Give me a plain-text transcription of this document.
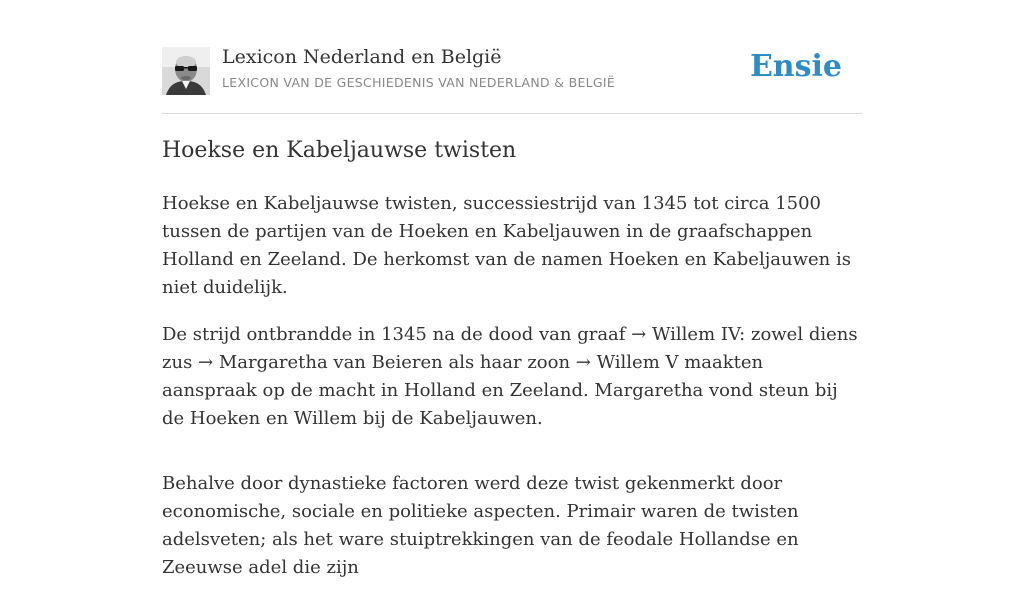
Lexicon Nederland en België
LEXICON VAN DE GESCHIEDENIS VAN NEDERLAND & BELGIË	Ensie
Hoekse en Kabeljauwse twisten

Hoekse en Kabeljauwse twisten, successiestrijd van 1345 tot circa 1500 tussen de partijen van de Hoeken en Kabeljauwen in de graafschappen Holland en Zeeland. De herkomst van de namen Hoeken en Kabeljauwen is niet duidelijk.

De strijd ontbrandde in 1345 na de dood van graaf → Willem IV: zowel diens zus → Margaretha van Beieren als haar zoon → Willem V maakten aanspraak op de macht in Holland en Zeeland. Margaretha vond steun bij de Hoeken en Willem bij de Kabeljauwen.

Behalve door dynastieke factoren werd deze twist gekenmerkt door economische, sociale en politieke aspecten. Primair waren de twisten adelsveten; als het ware stuiptrekkingen van de feodale Hollandse en Zeeuwse adel die zijn
